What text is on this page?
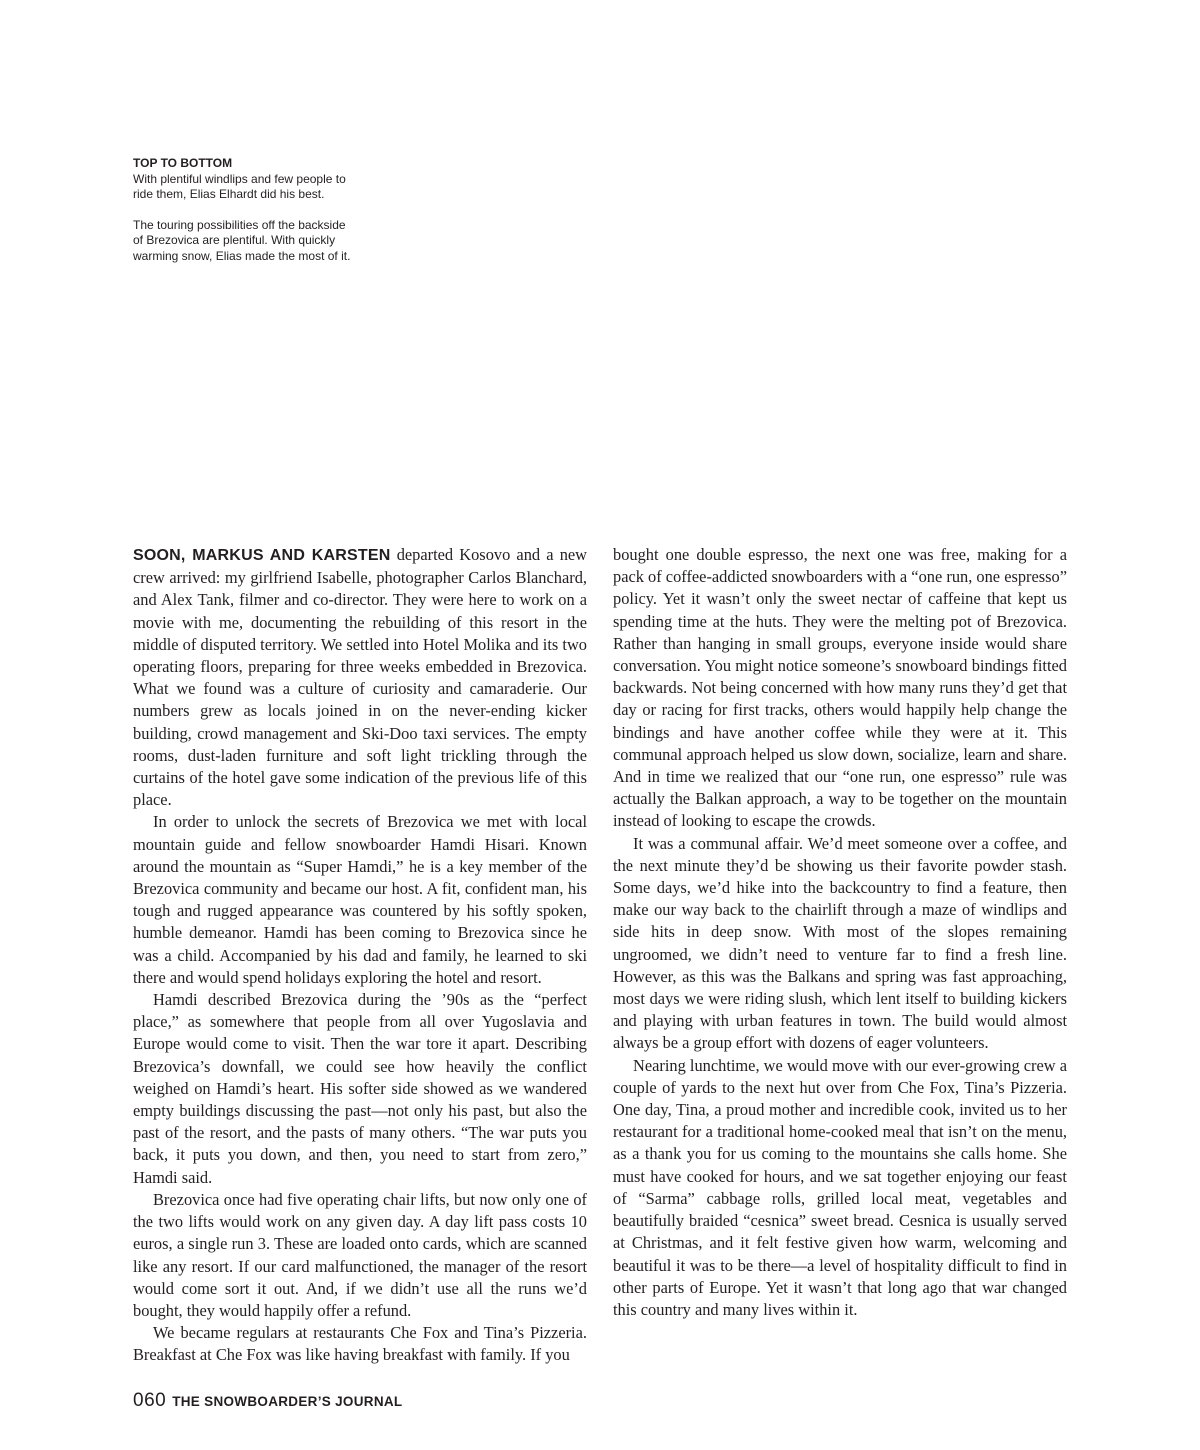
TOP TO BOTTOM

With plentiful windlips and few people to ride them, Elias Elhardt did his best.

The touring possibilities off the backside of Brezovica are plentiful. With quickly warming snow, Elias made the most of it.

SOON, MARKUS AND KARSTEN departed Kosovo and a new crew arrived: my girlfriend Isabelle, photographer Carlos Blanchard, and Alex Tank, filmer and co-director. They were here to work on a movie with me, documenting the rebuilding of this resort in the middle of disputed territory. We settled into Hotel Molika and its two operating floors, preparing for three weeks embedded in Brezovica. What we found was a culture of curiosity and camaraderie. Our numbers grew as locals joined in on the never-ending kicker building, crowd management and Ski-Doo taxi services. The empty rooms, dust-laden furniture and soft light trickling through the curtains of the hotel gave some indication of the previous life of this place.

In order to unlock the secrets of Brezovica we met with local mountain guide and fellow snowboarder Hamdi Hisari. Known around the mountain as “Super Hamdi,” he is a key member of the Brezovica community and became our host. A fit, confident man, his tough and rugged appearance was countered by his softly spoken, humble demeanor. Hamdi has been coming to Brezovica since he was a child. Accompanied by his dad and family, he learned to ski there and would spend holidays exploring the hotel and resort.

Hamdi described Brezovica during the ’90s as the “perfect place,” as somewhere that people from all over Yugoslavia and Europe would come to visit. Then the war tore it apart. Describing Brezovica’s downfall, we could see how heavily the conflict weighed on Hamdi’s heart. His softer side showed as we wandered empty buildings discussing the past—not only his past, but also the past of the resort, and the pasts of many others. “The war puts you back, it puts you down, and then, you need to start from zero,” Hamdi said.

Brezovica once had five operating chair lifts, but now only one of the two lifts would work on any given day. A day lift pass costs 10 euros, a single run 3. These are loaded onto cards, which are scanned like any resort. If our card malfunctioned, the manager of the resort would come sort it out. And, if we didn’t use all the runs we’d bought, they would happily offer a refund.

We became regulars at restaurants Che Fox and Tina’s Pizzeria. Breakfast at Che Fox was like having breakfast with family. If you

bought one double espresso, the next one was free, making for a pack of coffee-addicted snowboarders with a “one run, one espresso” policy. Yet it wasn’t only the sweet nectar of caffeine that kept us spending time at the huts. They were the melting pot of Brezovica. Rather than hanging in small groups, everyone inside would share conversation. You might notice someone’s snowboard bindings fitted backwards. Not being concerned with how many runs they’d get that day or racing for first tracks, others would happily help change the bindings and have another coffee while they were at it. This communal approach helped us slow down, socialize, learn and share. And in time we realized that our “one run, one espresso” rule was actually the Balkan approach, a way to be together on the mountain instead of looking to escape the crowds.

It was a communal affair. We’d meet someone over a coffee, and the next minute they’d be showing us their favorite powder stash. Some days, we’d hike into the backcountry to find a feature, then make our way back to the chairlift through a maze of windlips and side hits in deep snow. With most of the slopes remaining ungroomed, we didn’t need to venture far to find a fresh line. However, as this was the Balkans and spring was fast approaching, most days we were riding slush, which lent itself to building kickers and playing with urban features in town. The build would almost always be a group effort with dozens of eager volunteers.

Nearing lunchtime, we would move with our ever-growing crew a couple of yards to the next hut over from Che Fox, Tina’s Pizzeria. One day, Tina, a proud mother and incredible cook, invited us to her restaurant for a traditional home-cooked meal that isn’t on the menu, as a thank you for us coming to the mountains she calls home. She must have cooked for hours, and we sat together enjoying our feast of “Sarma” cabbage rolls, grilled local meat, vegetables and beautifully braided “cesnica” sweet bread. Cesnica is usually served at Christmas, and it felt festive given how warm, welcoming and beautiful it was to be there—a level of hospitality difficult to find in other parts of Europe. Yet it wasn’t that long ago that war changed this country and many lives within it.

060 THE SNOWBOARDER’S JOURNAL
